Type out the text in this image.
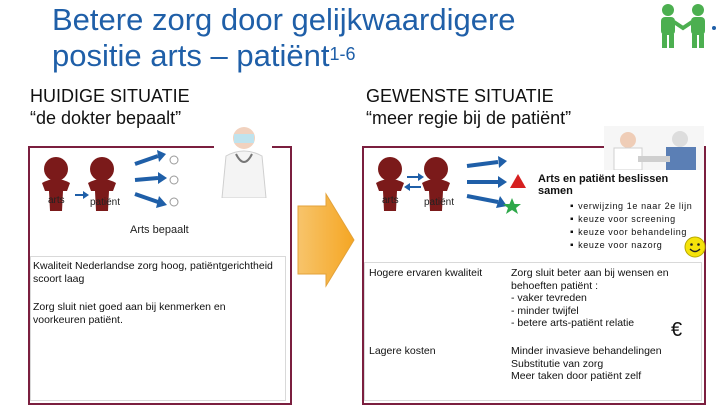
Betere zorg door gelijkwaardigere
positie arts – patiënt$^{1-6}$
HUIDIGE SITUATIE
“de dokter bepaalt”
GEWENSTE SITUATIE
“meer regie bij de patiënt”
arts	patiënt
Arts bepaalt
Kwaliteit Nederlandse zorg hoog, patiëntgerichtheid scoort laag
Zorg sluit niet goed aan bij kenmerken en voorkeuren patiënt.
arts	patiënt
Arts en patiënt beslissen samen
▪ verwijzing 1e naar 2e lijn
▪ keuze voor screening
▪ keuze voor behandeling
▪ keuze voor nazorg
Hogere ervaren kwaliteit	Zorg sluit beter aan bij wensen en behoeften patiënt :
- vaker tevreden
- minder twijfel
- betere arts-patiënt relatie	€
Lagere kosten	Minder invasieve behandelingen
Substitutie van zorg
Meer taken door patiënt zelf
